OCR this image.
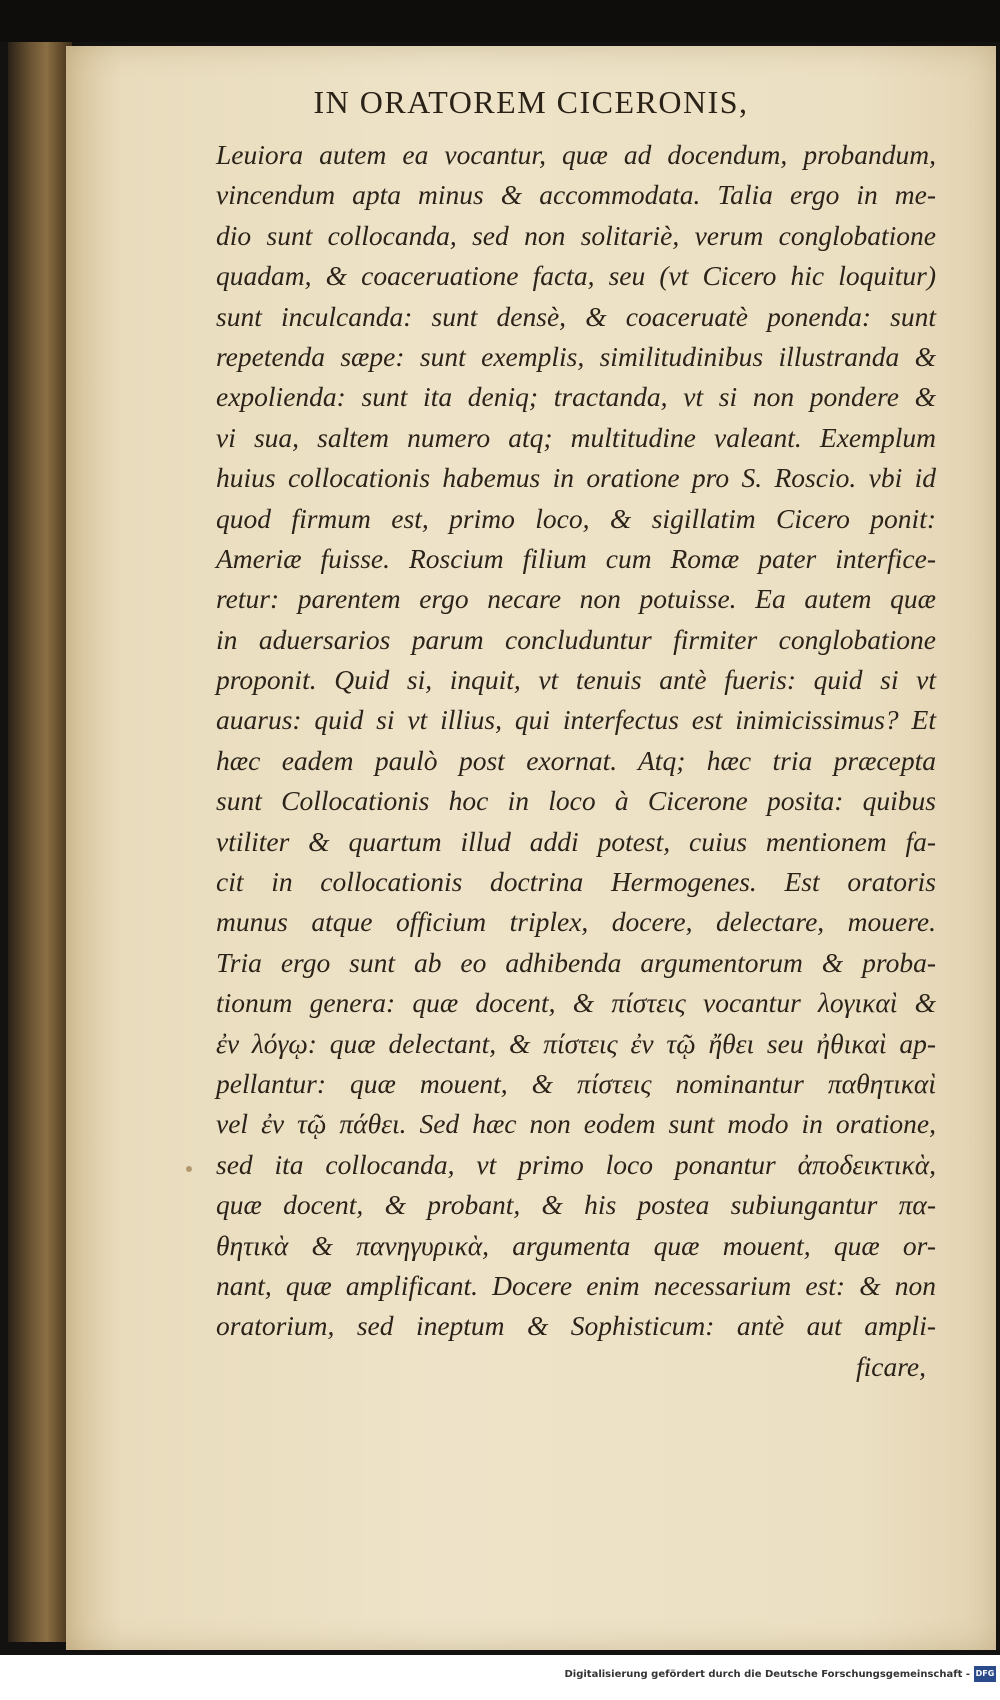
IN ORATOREM CICERONIS,
Leuiora autem ea vocantur, quæ ad docendum, probandum,
vincendum apta minus & accommodata. Talia ergo in me-
dio sunt collocanda, sed non solitariè, verum conglobatione
quadam, & coaceruatione facta, seu (vt Cicero hic loquitur)
sunt inculcanda: sunt densè, & coaceruatè ponenda: sunt
repetenda sæpe: sunt exemplis, similitudinibus illustranda &
expolienda: sunt ita deniq; tractanda, vt si non pondere &
vi sua, saltem numero atq; multitudine valeant. Exemplum
huius collocationis habemus in oratione pro S. Roscio. vbi id
quod firmum est, primo loco, & sigillatim Cicero ponit:
Ameriæ fuisse. Roscium filium cum Romæ pater interfice-
retur: parentem ergo necare non potuisse. Ea autem quæ
in aduersarios parum concluduntur firmiter conglobatione
proponit. Quid si, inquit, vt tenuis antè fueris: quid si vt
auarus: quid si vt illius, qui interfectus est inimicissimus? Et
hæc eadem paulò post exornat. Atq; hæc tria præcepta
sunt Collocationis hoc in loco à Cicerone posita: quibus
vtiliter & quartum illud addi potest, cuius mentionem fa-
cit in collocationis doctrina Hermogenes. Est oratoris
munus atque officium triplex, docere, delectare, mouere.
Tria ergo sunt ab eo adhibenda argumentorum & proba-
tionum genera: quæ docent, & πίστεις vocantur λογικαὶ &
ἐν λόγῳ: quæ delectant, & πίστεις ἐν τῷ ἤθει seu ἠθικαὶ ap-
pellantur: quæ mouent, & πίστεις nominantur παθητικαὶ
vel ἐν τῷ πάθει. Sed hæc non eodem sunt modo in oratione,
sed ita collocanda, vt primo loco ponantur ἀποδεικτικὰ,
quæ docent, & probant, & his postea subiungantur πα-
θητικὰ & πανηγυρικὰ, argumenta quæ mouent, quæ or-
nant, quæ amplificant. Docere enim necessarium est: & non
oratorium, sed ineptum & Sophisticum: antè aut ampli-
ficare,
Digitalisierung gefördert durch die Deutsche Forschungsgemeinschaft - DFG
